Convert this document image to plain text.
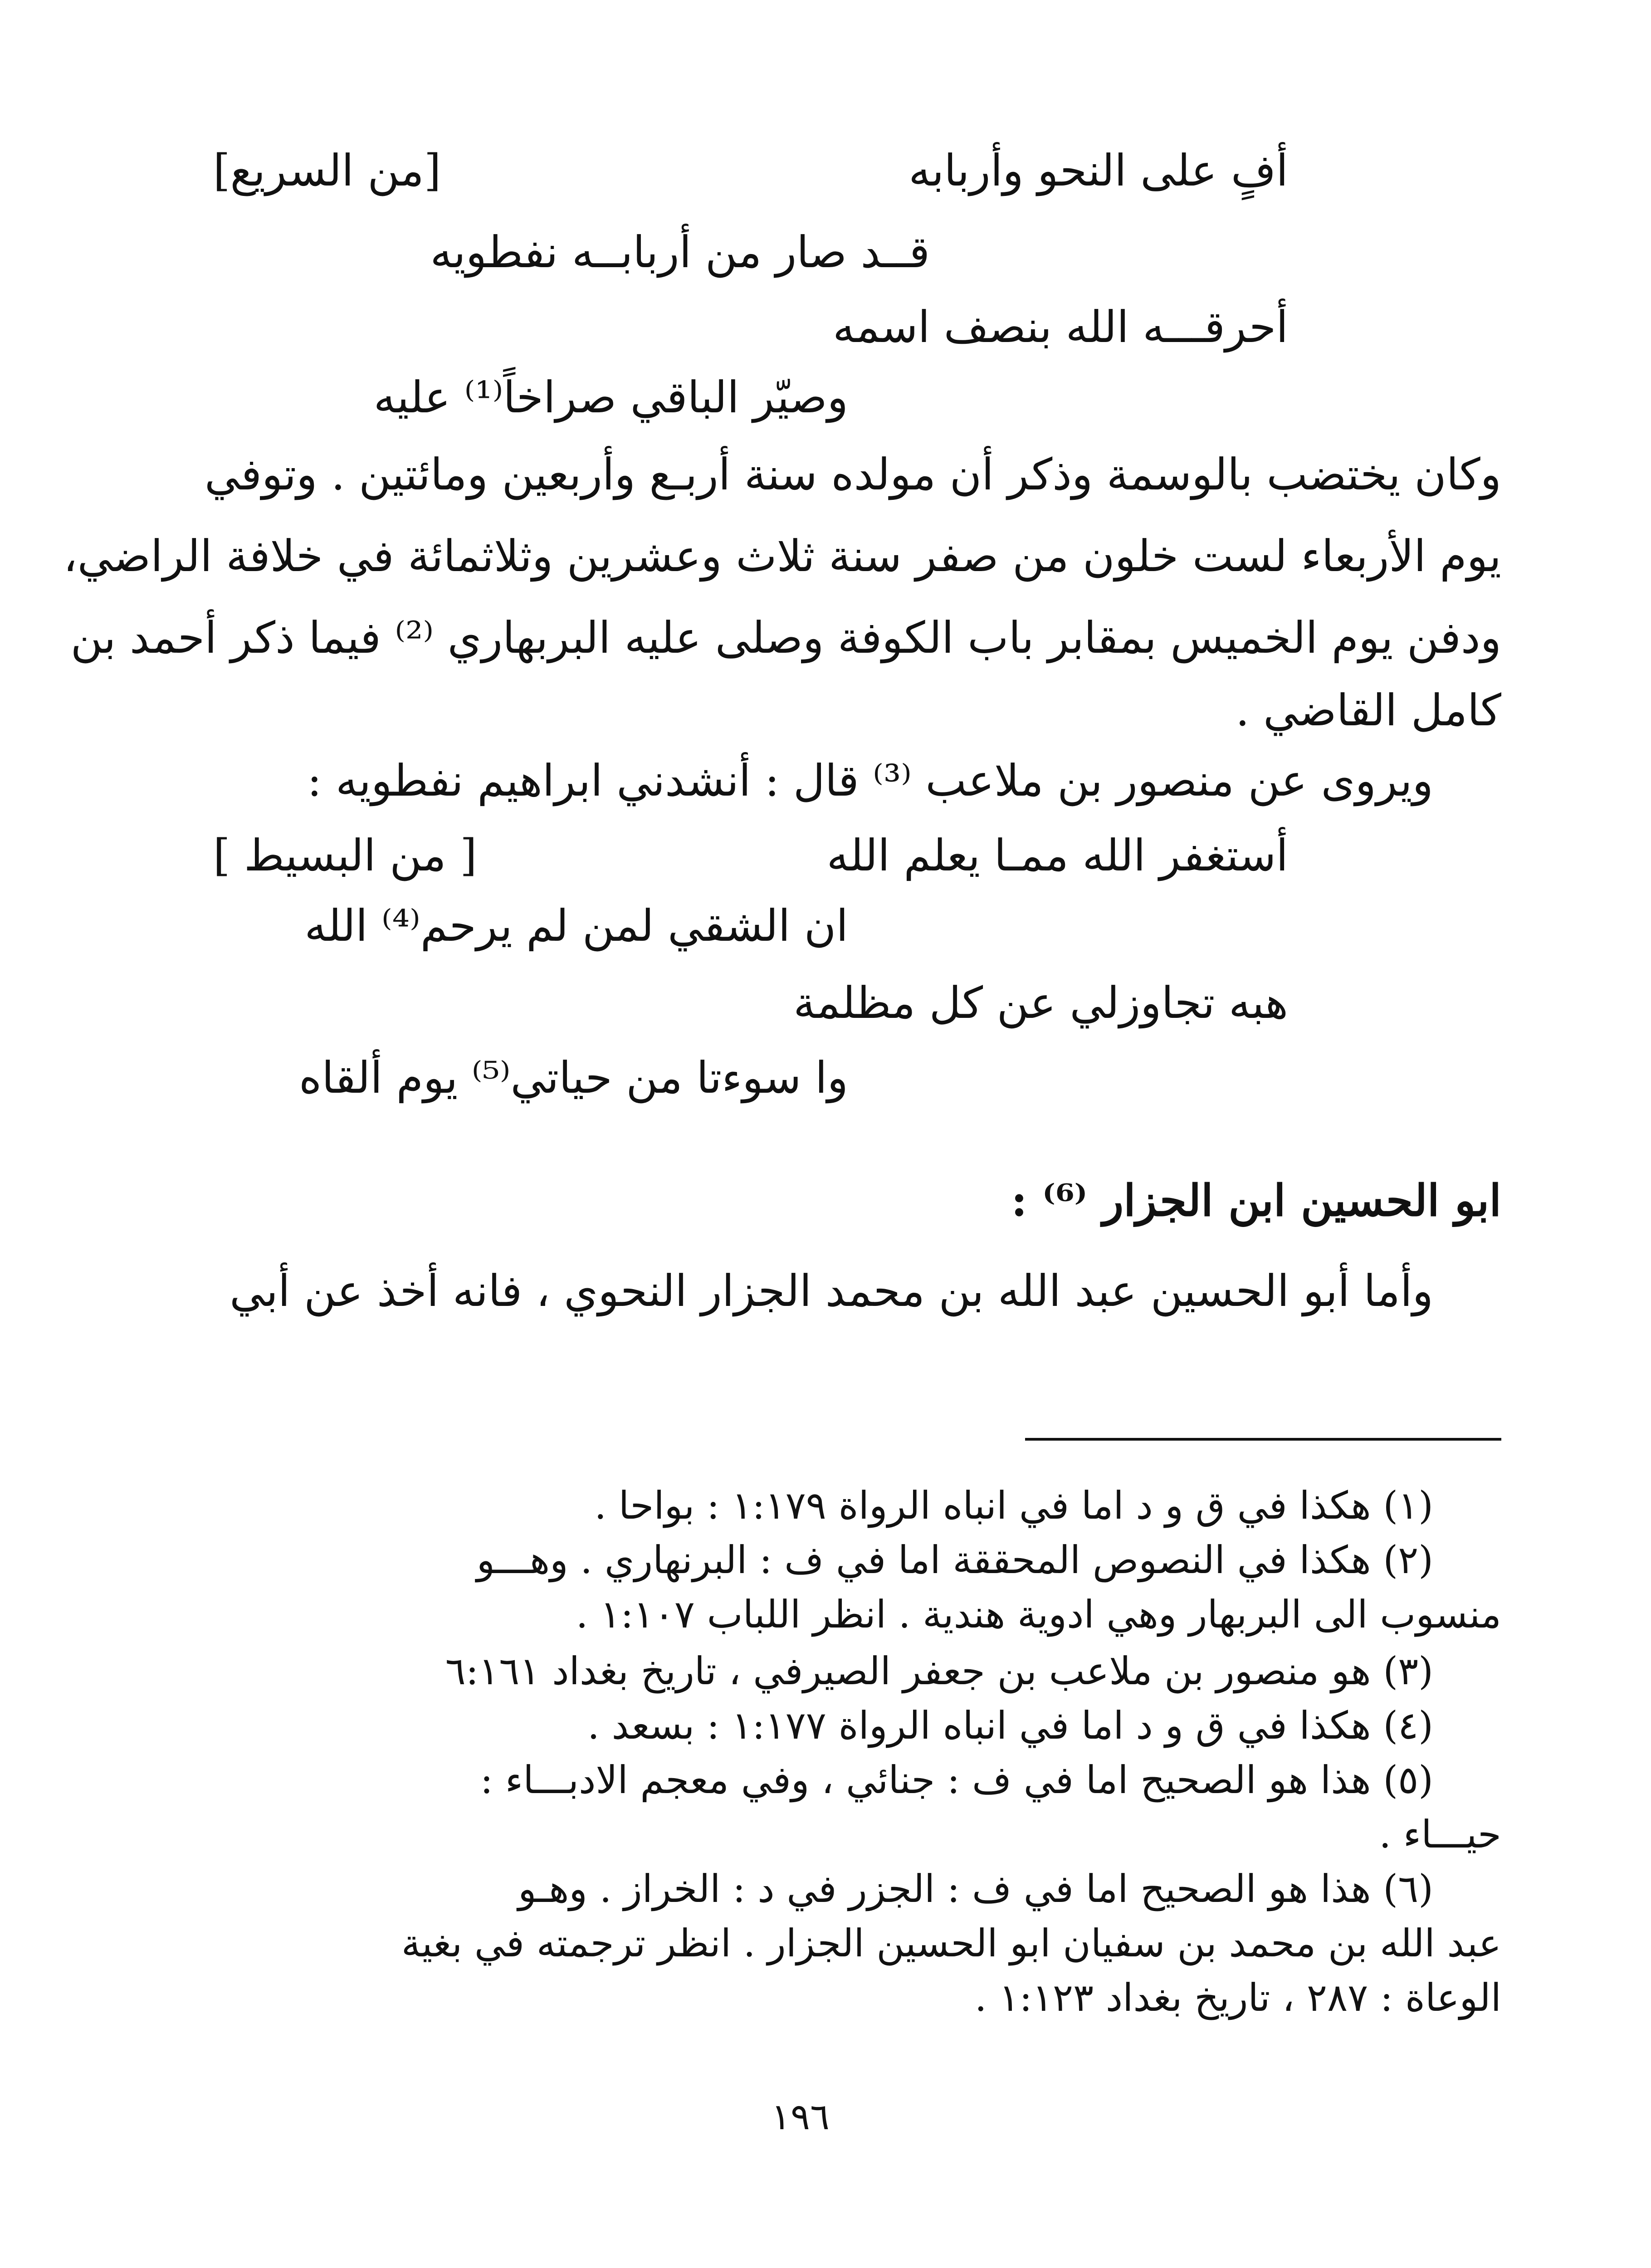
[من السريع]	أفٍ على النحو وأربابه
قــد صار من أربابــه نفطويه
أحرقـــه الله بنصف اسمه
وصيّر الباقي صراخاً⁽¹⁾ عليه
وكان يختضب بالوسمة وذكر أن مولده سنة أربـع وأربعين ومائتين . وتوفي
يوم الأربعاء لست خلون من صفر سنة ثلاث وعشرين وثلاثمائة في خلافة الراضي،
ودفن يوم الخميس بمقابر باب الكوفة وصلى عليه البربهاري ⁽²⁾ فيما ذكر أحمد بن
كامل القاضي .
ويروى عن منصور بن ملاعب ⁽³⁾ قال : أنشدني ابراهيم نفطويه :
[ من البسيط ]	أستغفر الله ممـا يعلم الله
ان الشقي لمن لم يرحم⁽⁴⁾ الله
هبه تجاوزلي عن كل مظلمة
وا سوءتا من حياتي⁽⁵⁾ يوم ألقاه
ابو الحسين ابن الجزار ⁽⁶⁾ :
وأما أبو الحسين عبد الله بن محمد الجزار النحوي ، فانه أخذ عن أبي
(١) هكذا في ق و د اما في انباه الرواة ١:١٧٩ : بواحا .
(٢) هكذا في النصوص المحققة اما في ف : البرنهاري . وهـــو
منسوب الى البربهار وهي ادوية هندية . انظر اللباب ١:١٠٧ .
(٣) هو منصور بن ملاعب بن جعفر الصيرفي ، تاريخ بغداد ٦:١٦١
(٤) هكذا في ق و د اما في انباه الرواة ١:١٧٧ : بسعد .
(٥) هذا هو الصحيح اما في ف : جنائي ، وفي معجم الادبـــاء :
حيـــاء .
(٦) هذا هو الصحيح اما في ف : الجزر في د : الخراز . وهـو
عبد الله بن محمد بن سفيان ابو الحسين الجزار . انظر ترجمته في بغية
الوعاة : ٢٨٧ ، تاريخ بغداد ١:١٢٣ .
١٩٦
